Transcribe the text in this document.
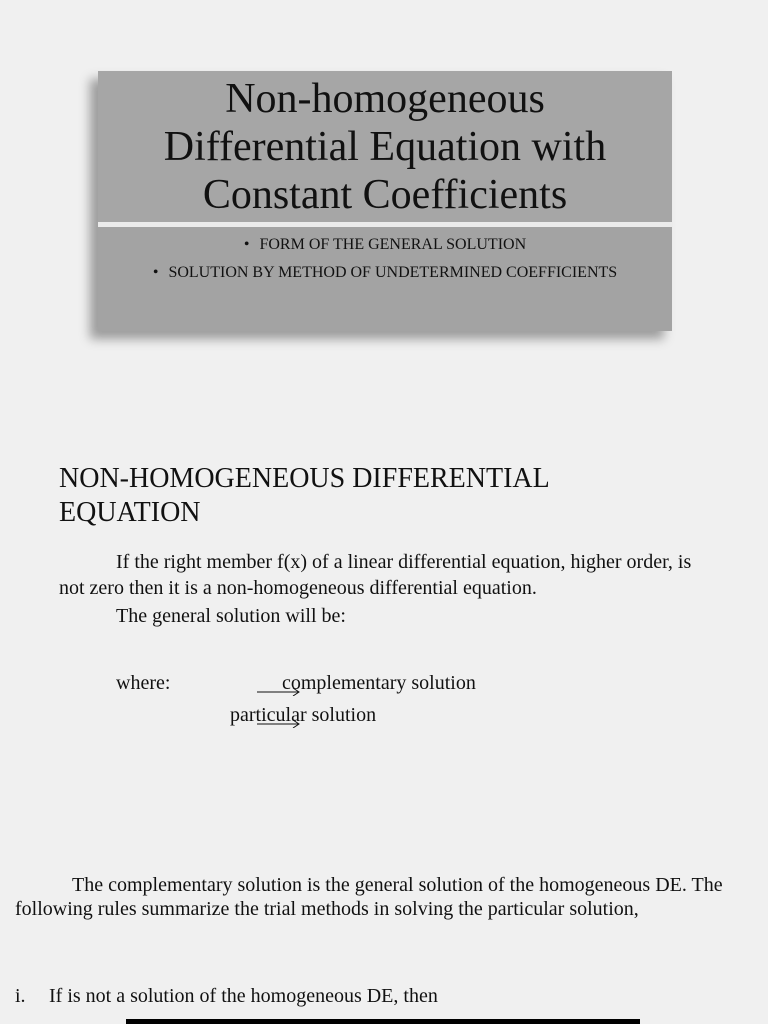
Non-homogeneous
Differential Equation with
Constant Coefficients
• FORM OF THE GENERAL SOLUTION
• SOLUTION BY METHOD OF UNDETERMINED COEFFICIENTS
NON-HOMOGENEOUS DIFFERENTIAL
EQUATION

If the right member f(x) of a linear differential equation, higher order, is not zero then it is a non-homogeneous differential equation.

The general solution will be:

where:	complementary solution
particular solution

The complementary solution is the general solution of the homogeneous DE. The following rules summarize the trial methods in solving the particular solution,

i. If is not a solution of the homogeneous DE, then
